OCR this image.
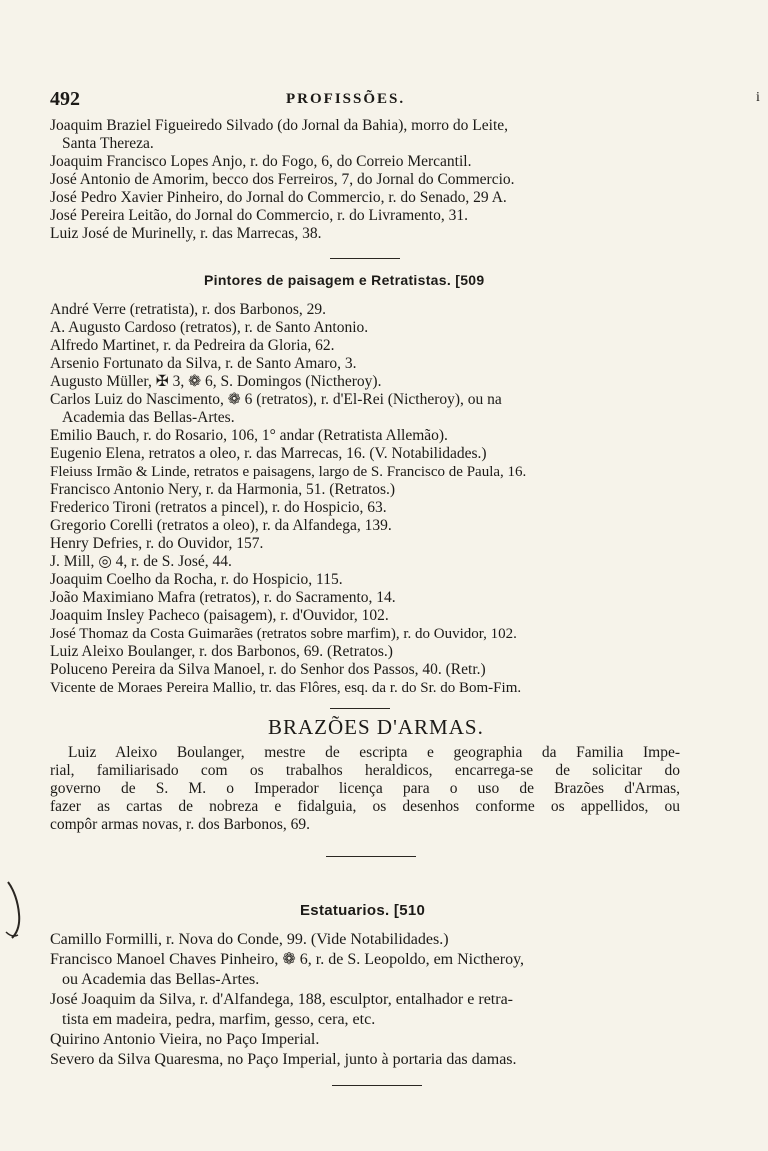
492	PROFISSÕES.	i
Joaquim Braziel Figueiredo Silvado (do Jornal da Bahia), morro do Leite,
Santa Thereza.
Joaquim Francisco Lopes Anjo, r. do Fogo, 6, do Correio Mercantil.
José Antonio de Amorim, becco dos Ferreiros, 7, do Jornal do Commercio.
José Pedro Xavier Pinheiro, do Jornal do Commercio, r. do Senado, 29 A.
José Pereira Leitão, do Jornal do Commercio, r. do Livramento, 31.
Luiz José de Murinelly, r. das Marrecas, 38.
Pintores de paisagem e Retratistas. [509
André Verre (retratista), r. dos Barbonos, 29.
A. Augusto Cardoso (retratos), r. de Santo Antonio.
Alfredo Martinet, r. da Pedreira da Gloria, 62.
Arsenio Fortunato da Silva, r. de Santo Amaro, 3.
Augusto Müller, ✠ 3, ❁ 6, S. Domingos (Nictheroy).
Carlos Luiz do Nascimento, ❁ 6 (retratos), r. d'El-Rei (Nictheroy), ou na
Academia das Bellas-Artes.
Emilio Bauch, r. do Rosario, 106, 1° andar (Retratista Allemão).
Eugenio Elena, retratos a oleo, r. das Marrecas, 16. (V. Notabilidades.)
Fleiuss Irmão & Linde, retratos e paisagens, largo de S. Francisco de Paula, 16.
Francisco Antonio Nery, r. da Harmonia, 51. (Retratos.)
Frederico Tironi (retratos a pincel), r. do Hospicio, 63.
Gregorio Corelli (retratos a oleo), r. da Alfandega, 139.
Henry Defries, r. do Ouvidor, 157.
J. Mill, ◎ 4, r. de S. José, 44.
Joaquim Coelho da Rocha, r. do Hospicio, 115.
João Maximiano Mafra (retratos), r. do Sacramento, 14.
Joaquim Insley Pacheco (paisagem), r. d'Ouvidor, 102.
José Thomaz da Costa Guimarães (retratos sobre marfim), r. do Ouvidor, 102.
Luiz Aleixo Boulanger, r. dos Barbonos, 69. (Retratos.)
Poluceno Pereira da Silva Manoel, r. do Senhor dos Passos, 40. (Retr.)
Vicente de Moraes Pereira Mallio, tr. das Flôres, esq. da r. do Sr. do Bom-Fim.
BRAZÕES D'ARMAS.
Luiz Aleixo Boulanger, mestre de escripta e geographia da Familia Impe-
rial, familiarisado com os trabalhos heraldicos, encarrega-se de solicitar do
governo de S. M. o Imperador licença para o uso de Brazões d'Armas,
fazer as cartas de nobreza e fidalguia, os desenhos conforme os appellidos, ou
compôr armas novas, r. dos Barbonos, 69.
Estatuarios. [510
Camillo Formilli, r. Nova do Conde, 99. (Vide Notabilidades.)
Francisco Manoel Chaves Pinheiro, ❁ 6, r. de S. Leopoldo, em Nictheroy,
ou Academia das Bellas-Artes.
José Joaquim da Silva, r. d'Alfandega, 188, esculptor, entalhador e retra-
tista em madeira, pedra, marfim, gesso, cera, etc.
Quirino Antonio Vieira, no Paço Imperial.
Severo da Silva Quaresma, no Paço Imperial, junto à portaria das damas.
